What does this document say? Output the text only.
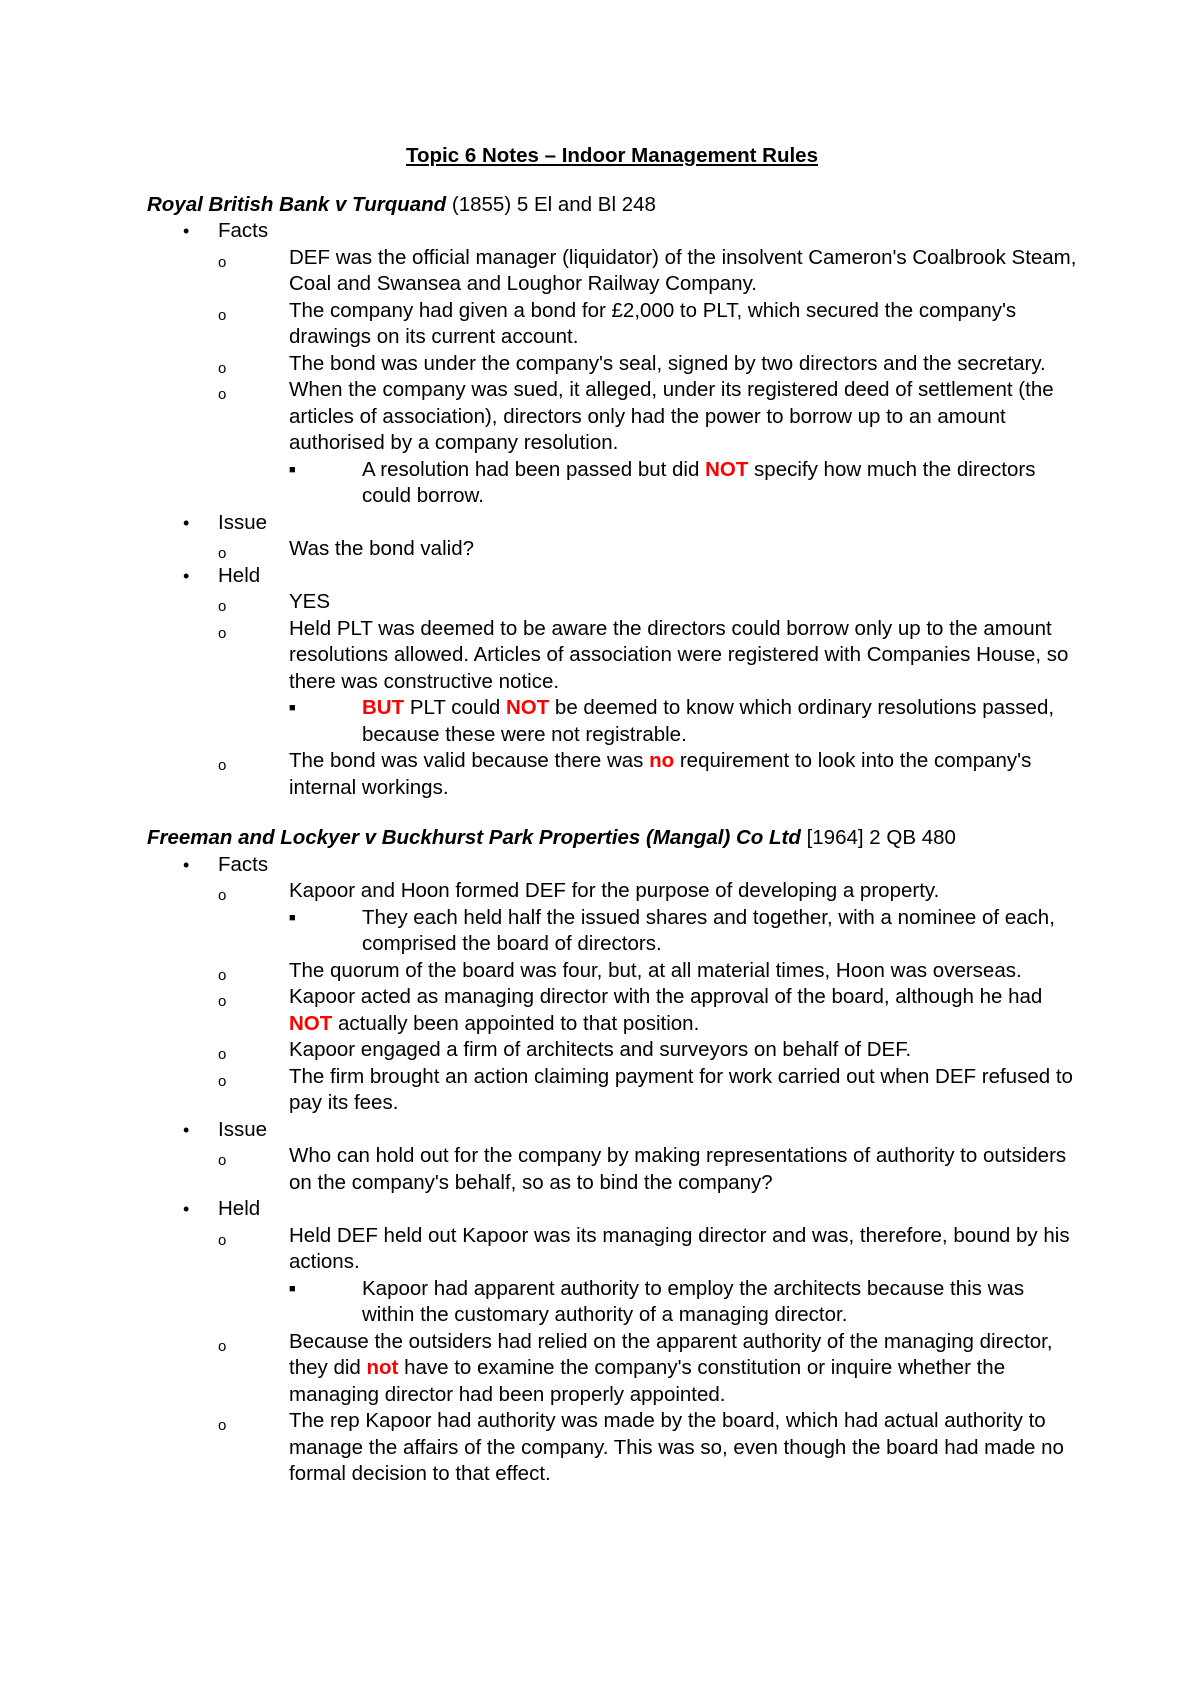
Topic 6 Notes – Indoor Management Rules

Royal British Bank v Turquand (1855) 5 El and Bl 248

• Facts
o	DEF was the official manager (liquidator) of the insolvent Cameron's Coalbrook Steam, Coal and Swansea and Loughor Railway Company.
o	The company had given a bond for £2,000 to PLT, which secured the company's drawings on its current account.
o	The bond was under the company's seal, signed by two directors and the secretary.
o	When the company was sued, it alleged, under its registered deed of settlement (the articles of association), directors only had the power to borrow up to an amount authorised by a company resolution.
■	A resolution had been passed but did NOT specify how much the directors could borrow.
• Issue
o	Was the bond valid?
• Held
o	YES
o	Held PLT was deemed to be aware the directors could borrow only up to the amount resolutions allowed. Articles of association were registered with Companies House, so there was constructive notice.
■	BUT PLT could NOT be deemed to know which ordinary resolutions passed, because these were not registrable.
o	The bond was valid because there was no requirement to look into the company's internal workings.

Freeman and Lockyer v Buckhurst Park Properties (Mangal) Co Ltd [1964] 2 QB 480

• Facts
o	Kapoor and Hoon formed DEF for the purpose of developing a property.
■	They each held half the issued shares and together, with a nominee of each, comprised the board of directors.
o	The quorum of the board was four, but, at all material times, Hoon was overseas.
o	Kapoor acted as managing director with the approval of the board, although he had NOT actually been appointed to that position.
o	Kapoor engaged a firm of architects and surveyors on behalf of DEF.
o	The firm brought an action claiming payment for work carried out when DEF refused to pay its fees.
• Issue
o	Who can hold out for the company by making representations of authority to outsiders on the company's behalf, so as to bind the company?
• Held
o	Held DEF held out Kapoor was its managing director and was, therefore, bound by his actions.
■	Kapoor had apparent authority to employ the architects because this was within the customary authority of a managing director.
o	Because the outsiders had relied on the apparent authority of the managing director, they did not have to examine the company's constitution or inquire whether the managing director had been properly appointed.
o	The rep Kapoor had authority was made by the board, which had actual authority to manage the affairs of the company. This was so, even though the board had made no formal decision to that effect.
